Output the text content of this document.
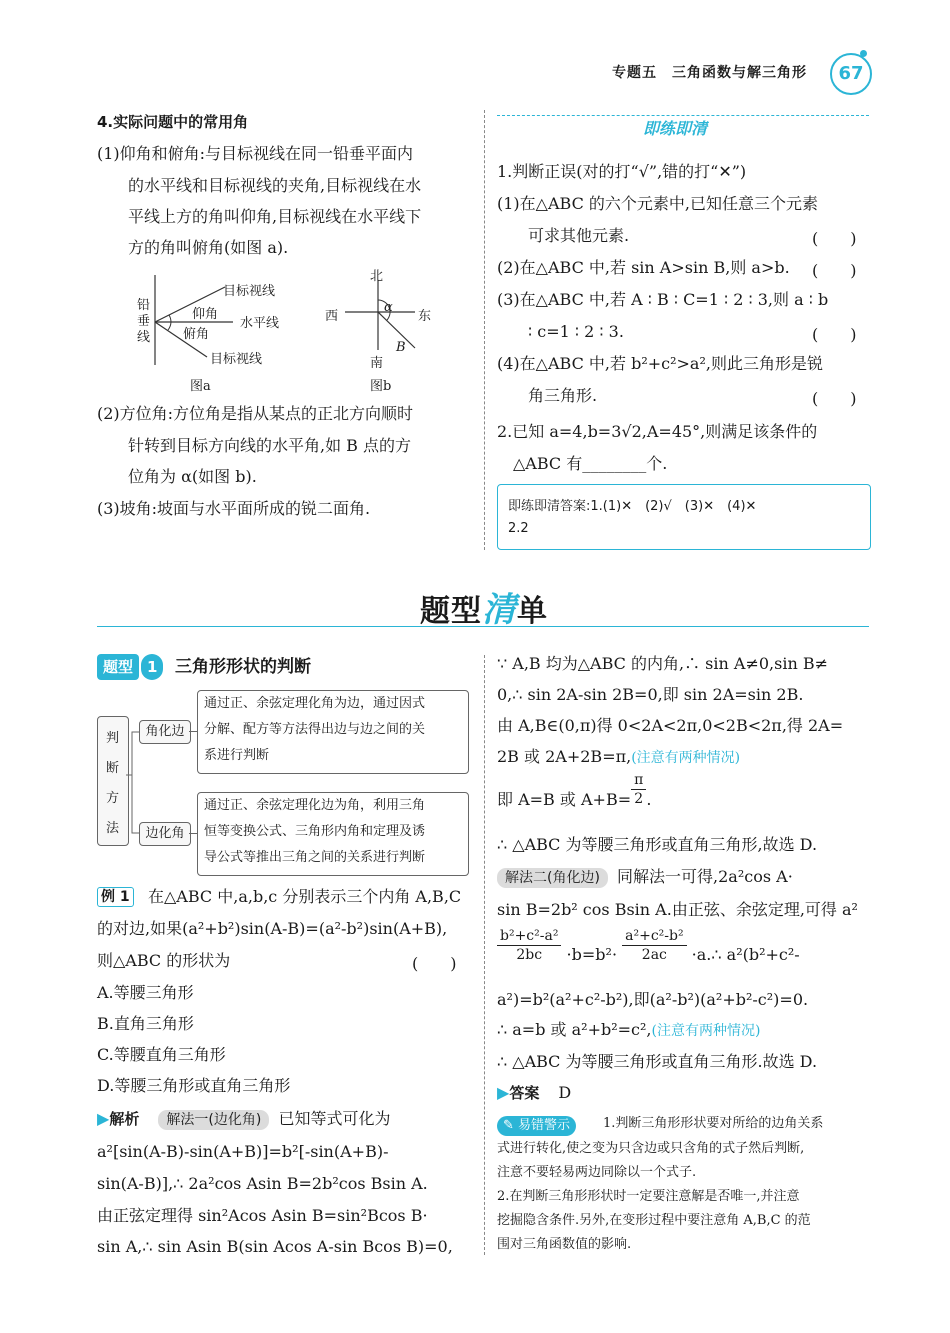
专题五　三角函数与解三角形	67
4.实际问题中的常用角
(1)仰角和俯角:与目标视线在同一铅垂平面内
的水平线和目标视线的夹角,目标视线在水
平线上方的角叫仰角,目标视线在水平线下
方的角叫俯角(如图 a).
铅垂线
目标视线
仰角
水平线
俯角
目标视线
图a
北
西	东
南
α
B
图b
(2)方位角:方位角是指从某点的正北方向顺时
针转到目标方向线的水平角,如 B 点的方
位角为 α(如图 b).
(3)坡角:坡面与水平面所成的锐二面角.
即练即清
1.判断正误(对的打“√”,错的打“✕”)
(1)在△ABC 的六个元素中,已知任意三个元素
可求其他元素.	(　　)
(2)在△ABC 中,若 sin A>sin B,则 a>b. (　　)
(3)在△ABC 中,若 A ∶ B ∶ C=1 ∶ 2 ∶ 3,则 a ∶ b
∶ c=1 ∶ 2 ∶ 3.	(　　)
(4)在△ABC 中,若 b²+c²>a²,则此三角形是锐
角三角形.	(　　)
2.已知 a=4,b=3√2,A=45°,则满足该条件的
△ABC 有________个.
即练即清答案:1.(1)✕　(2)√　(3)✕　(4)✕
2.2
题型清单
题型 1 三角形形状的判断
判
断
方
法
角化边
边化角
通过正、余弦定理化角为边，通过因式
分解、配方等方法得出边与边之间的关
系进行判断
通过正、余弦定理化边为角，利用三角
恒等变换公式、三角形内角和定理及诱
导公式等推出三角之间的关系进行判断
例 1 在△ABC 中,a,b,c 分别表示三个内角 A,B,C
的对边,如果(a²+b²)sin(A-B)=(a²-b²)sin(A+B),
则△ABC 的形状为	(　　)
A.等腰三角形
B.直角三角形
C.等腰直角三角形
D.等腰三角形或直角三角形
▶解析 解法一(边化角) 已知等式可化为
a²[sin(A-B)-sin(A+B)]=b²[-sin(A+B)-
sin(A-B)],∴ 2a²cos Asin B=2b²cos Bsin A.
由正弦定理得 sin²Acos Asin B=sin²Bcos B·
sin A,∴ sin Asin B(sin Acos A-sin Bcos B)=0,
∵ A,B 均为△ABC 的内角,∴ sin A≠0,sin B≠
0,∴ sin 2A-sin 2B=0,即 sin 2A=sin 2B.
由 A,B∈(0,π)得 0<2A<2π,0<2B<2π,得 2A=
2B 或 2A+2B=π,(注意有两种情况)
即 A=B 或 $A+B= \frac{\pi}{2}$ .
∴ △ABC 为等腰三角形或直角三角形,故选 D.
解法二(角化边) 同解法一可得,2a²cos A·
sin B=2b² cos Bsin A.由正弦、余弦定理,可得 a²
$\frac{\text{b²+c²-a²}}{2bc} \cdot b=b^2\cdot \frac{\text{a²+c²-b²}}{2ac}$ ·a.∴ a²(b²+c²-
a²)=b²(a²+c²-b²),即(a²-b²)(a²+b²-c²)=0.
∴ a=b 或 a²+b²=c²,(注意有两种情况)
∴ △ABC 为等腰三角形或直角三角形.故选 D.
▶答案 D
✎ 易错警示	1.判断三角形形状要对所给的边角关系
式进行转化,使之变为只含边或只含角的式子然后判断,
注意不要轻易两边同除以一个式子.
2.在判断三角形形状时一定要注意解是否唯一,并注意
挖掘隐含条件.另外,在变形过程中要注意角 A,B,C 的范
围对三角函数值的影响.
